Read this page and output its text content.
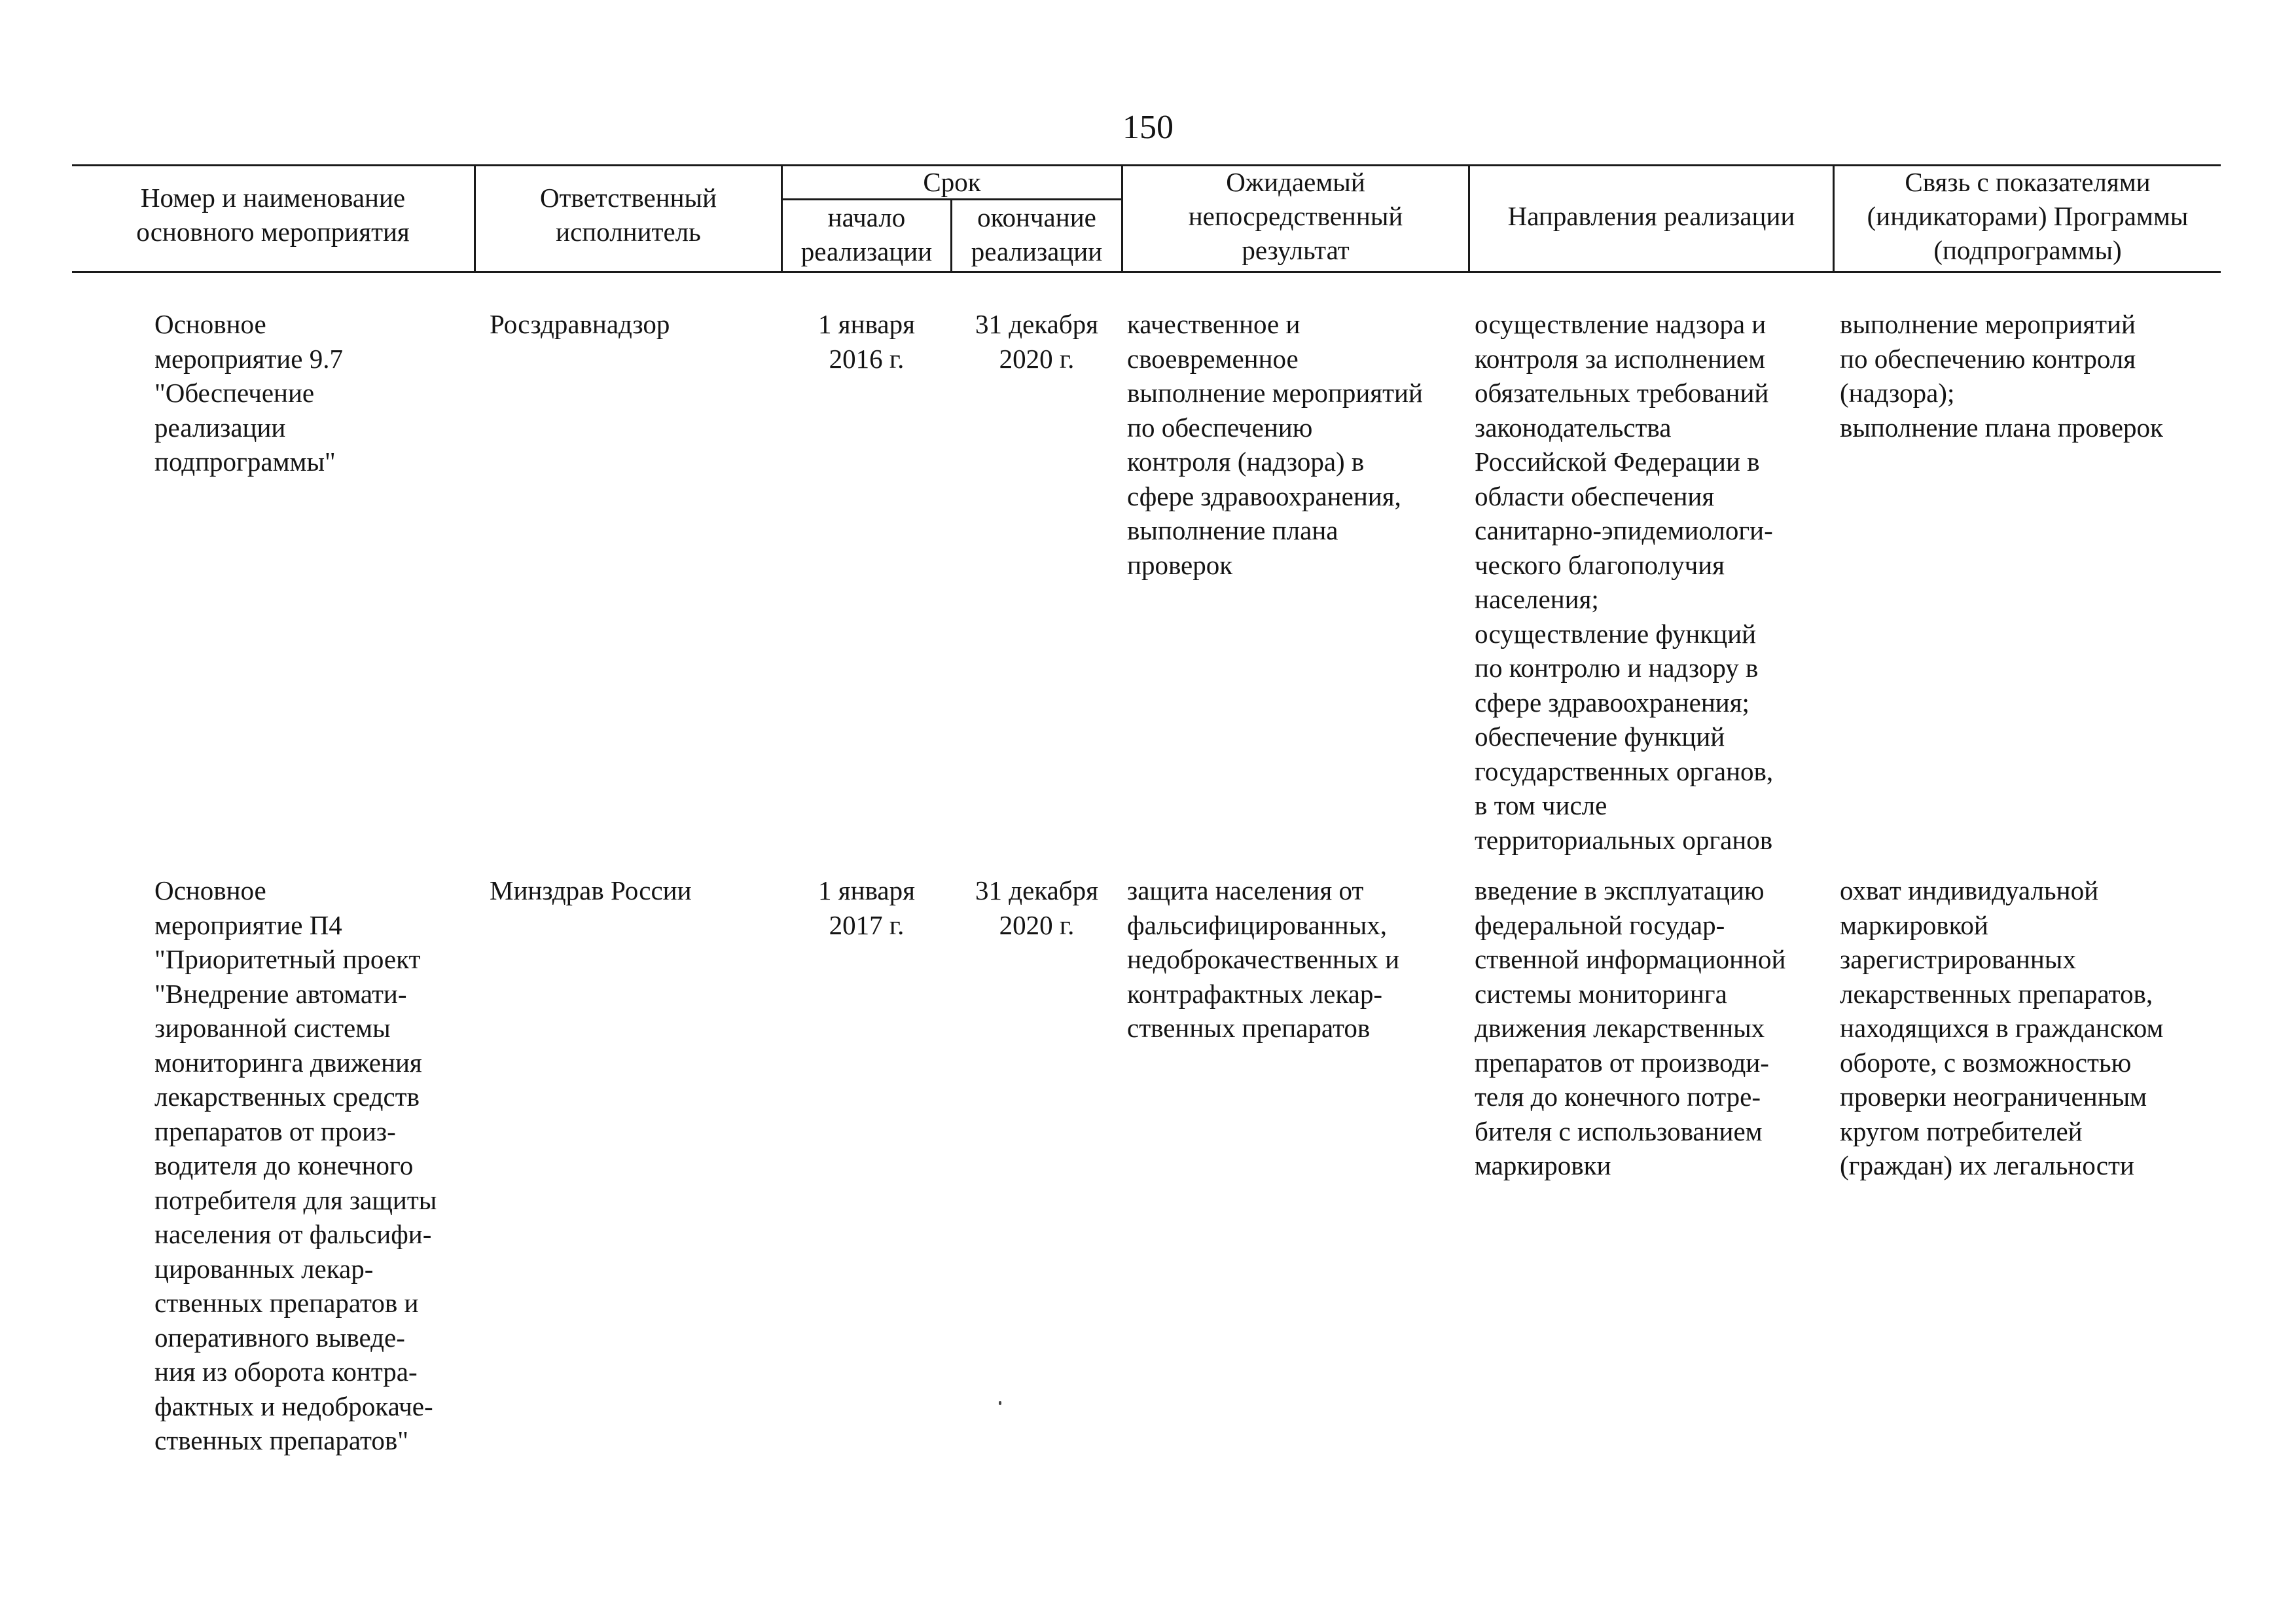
150
Номер и наименование
основного мероприятия
Ответственный
исполнитель
Срок
начало
реализации
окончание
реализации
Ожидаемый
непосредственный
результат
Направления реализации
Связь с показателями
(индикаторами) Программы
(подпрограммы)
Основное
мероприятие 9.7
"Обеспечение
реализации
подпрограммы"
Росздравнадзор	1 января
2016 г.
31 декабря
2020 г.
качественное и
своевременное
выполнение мероприятий
по обеспечению
контроля (надзора) в
сфере здравоохранения,
выполнение плана
проверок
осуществление надзора и
контроля за исполнением
обязательных требований
законодательства
Российской Федерации в
области обеспечения
санитарно-эпидемиологи-
ческого благополучия
населения;
осуществление функций
по контролю и надзору в
сфере здравоохранения;
обеспечение функций
государственных органов,
в том числе
территориальных органов
выполнение мероприятий
по обеспечению контроля
(надзора);
выполнение плана проверок
Основное
мероприятие П4
"Приоритетный проект
"Внедрение автомати-
зированной системы
мониторинга движения
лекарственных средств
препаратов от произ-
водителя до конечного
потребителя для защиты
населения от фальсифи-
цированных лекар-
ственных препаратов и
оперативного выведе-
ния из оборота контра-
фактных и недоброкаче-
ственных препаратов"
Минздрав России	1 января
2017 г.
31 декабря
2020 г.
защита населения от
фальсифицированных,
недоброкачественных и
контрафактных лекар-
ственных препаратов
введение в эксплуатацию
федеральной государ-
ственной информационной
системы мониторинга
движения лекарственных
препаратов от производи-
теля до конечного потре-
бителя с использованием
маркировки
охват индивидуальной
маркировкой
зарегистрированных
лекарственных препаратов,
находящихся в гражданском
обороте, с возможностью
проверки неограниченным
кругом потребителей
(граждан) их легальности
